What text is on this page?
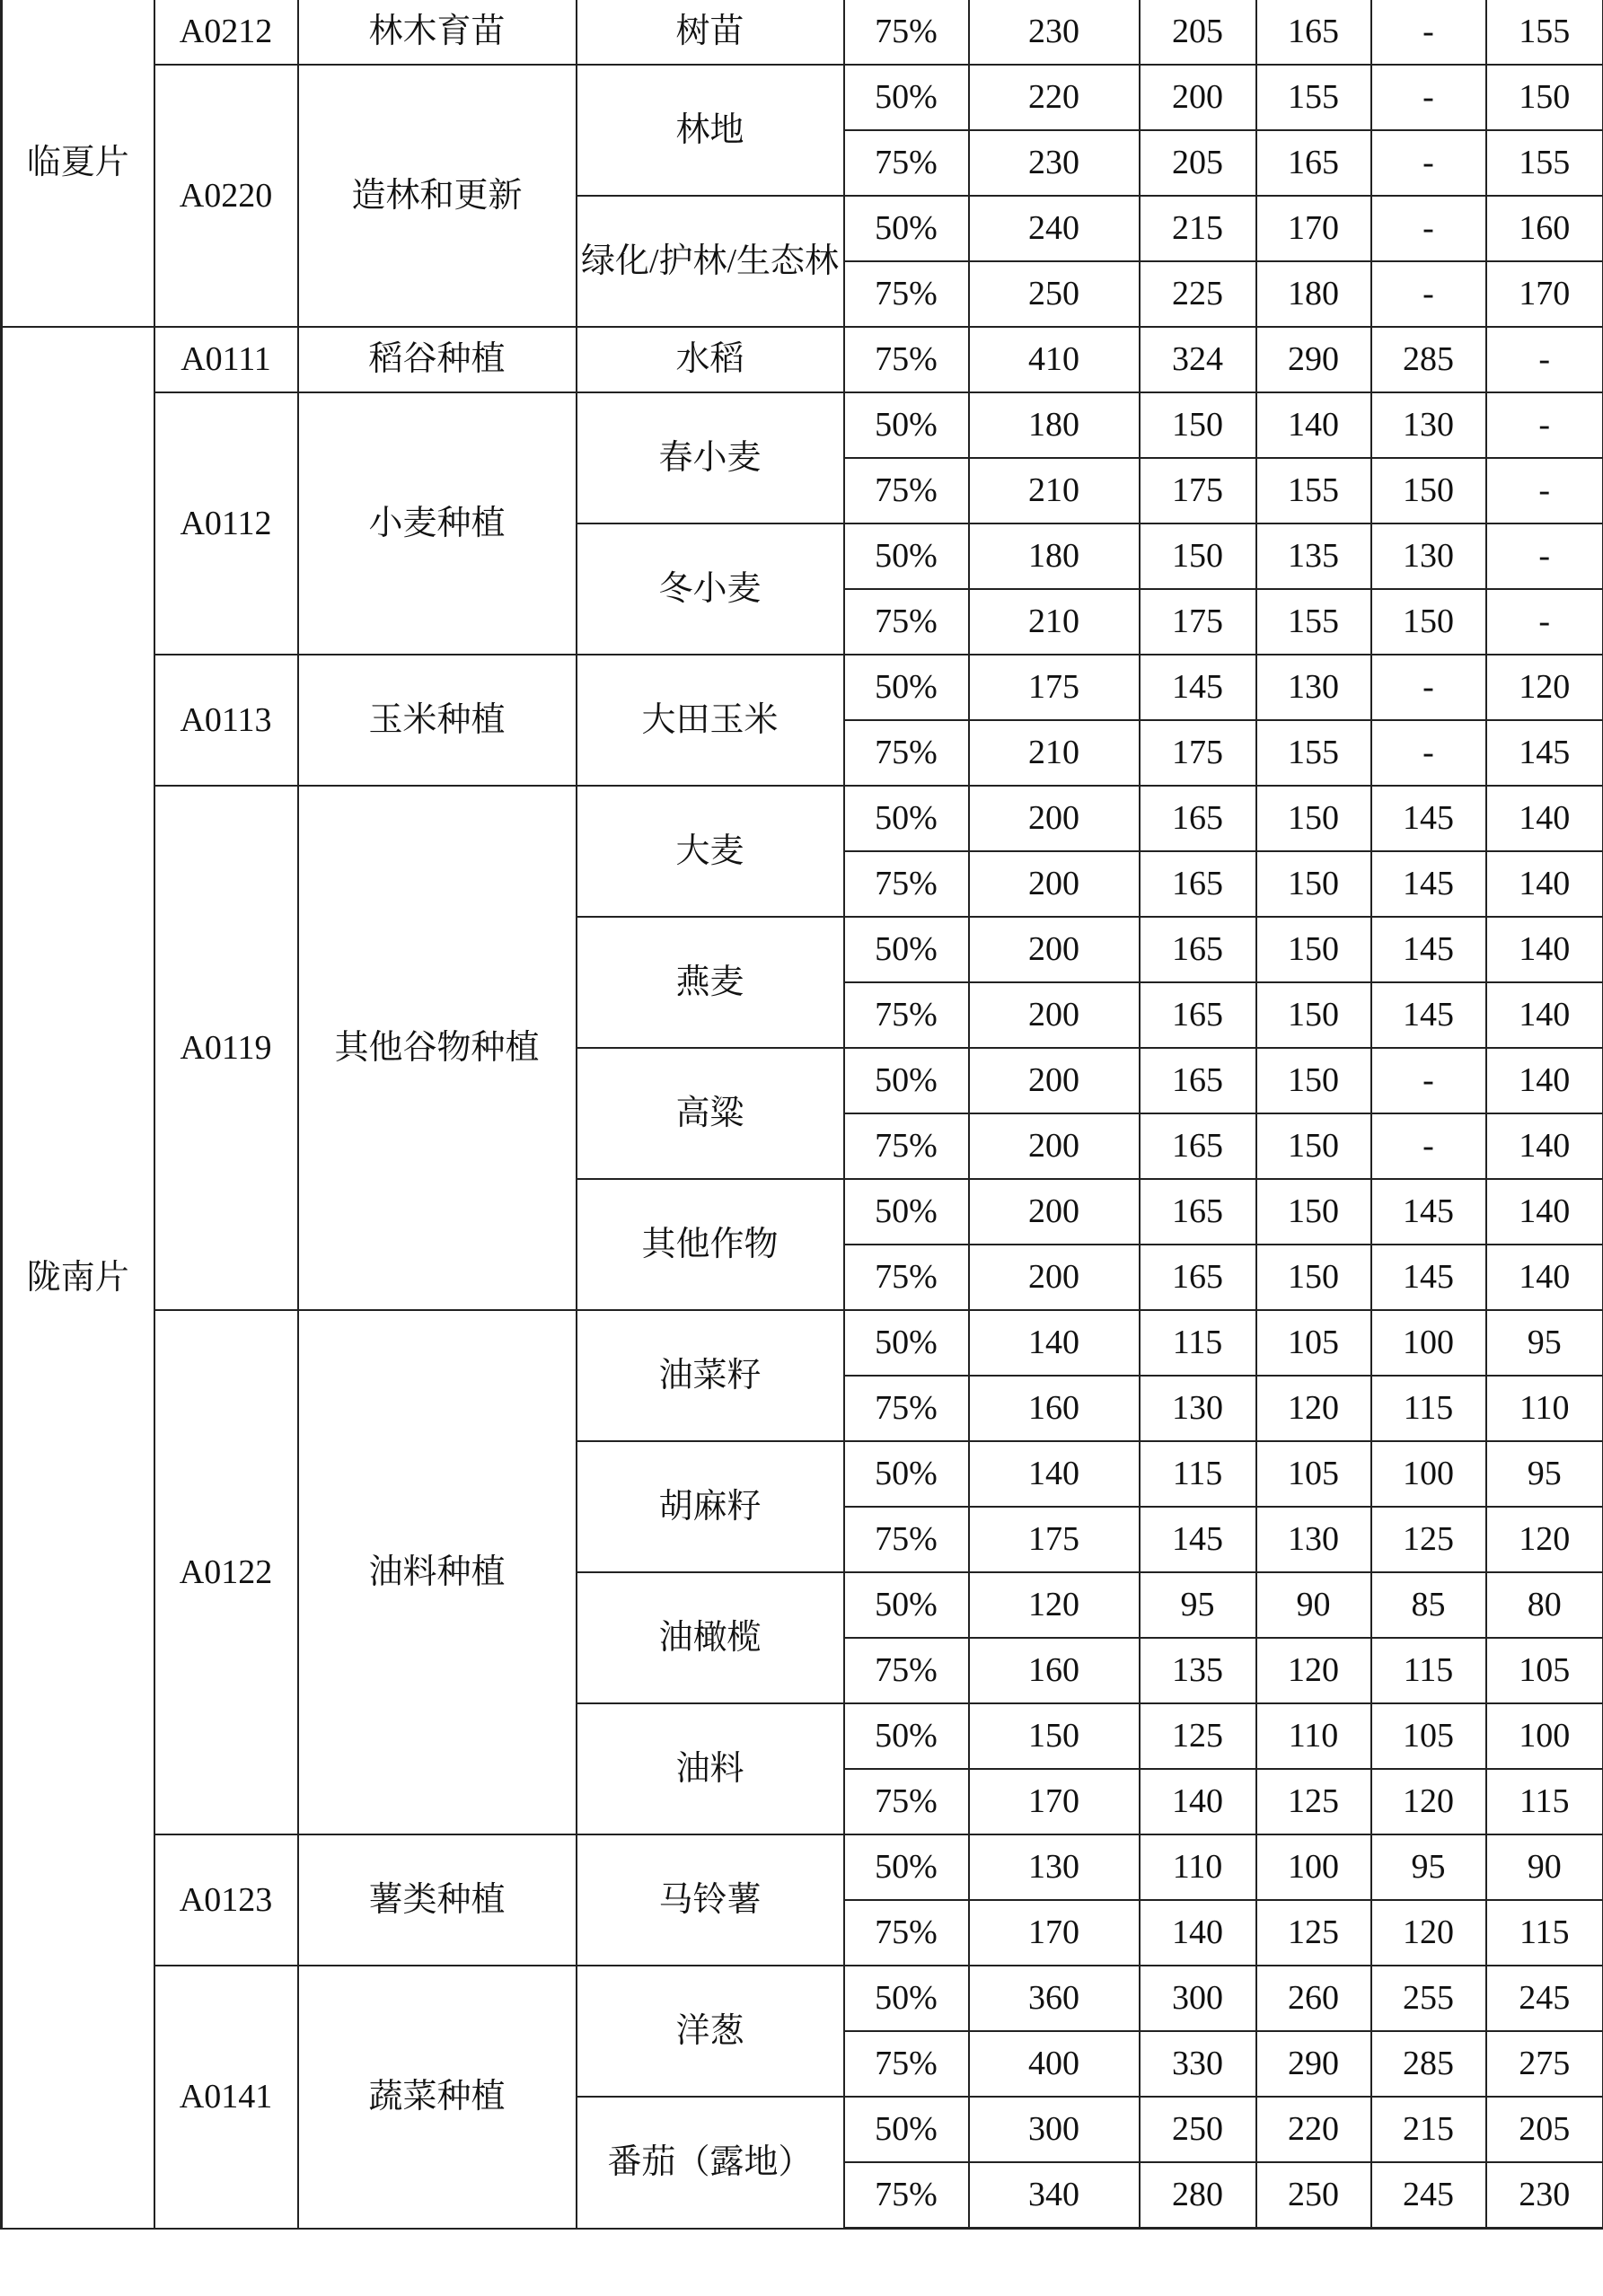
临夏片	A0212	林木育苗	树苗	75%	230	205	165	-	155
	A0220	造林和更新	林地	50%	220	200	155	-	150
				75%	230	205	165	-	155
			绿化/护林/生态林	50%	240	215	170	-	160
				75%	250	225	180	-	170
陇南片	A0111	稻谷种植	水稻	75%	410	324	290	285	-
	A0112	小麦种植	春小麦	50%	180	150	140	130	-
				75%	210	175	155	150	-
			冬小麦	50%	180	150	135	130	-
				75%	210	175	155	150	-
	A0113	玉米种植	大田玉米	50%	175	145	130	-	120
				75%	210	175	155	-	145
	A0119	其他谷物种植	大麦	50%	200	165	150	145	140
				75%	200	165	150	145	140
			燕麦	50%	200	165	150	145	140
				75%	200	165	150	145	140
			高粱	50%	200	165	150	-	140
				75%	200	165	150	-	140
			其他作物	50%	200	165	150	145	140
				75%	200	165	150	145	140
	A0122	油料种植	油菜籽	50%	140	115	105	100	95
				75%	160	130	120	115	110
			胡麻籽	50%	140	115	105	100	95
				75%	175	145	130	125	120
			油橄榄	50%	120	95	90	85	80
				75%	160	135	120	115	105
			油料	50%	150	125	110	105	100
				75%	170	140	125	120	115
	A0123	薯类种植	马铃薯	50%	130	110	100	95	90
				75%	170	140	125	120	115
	A0141	蔬菜种植	洋葱	50%	360	300	260	255	245
				75%	400	330	290	285	275
			番茄（露地）	50%	300	250	220	215	205
				75%	340	280	250	245	230
